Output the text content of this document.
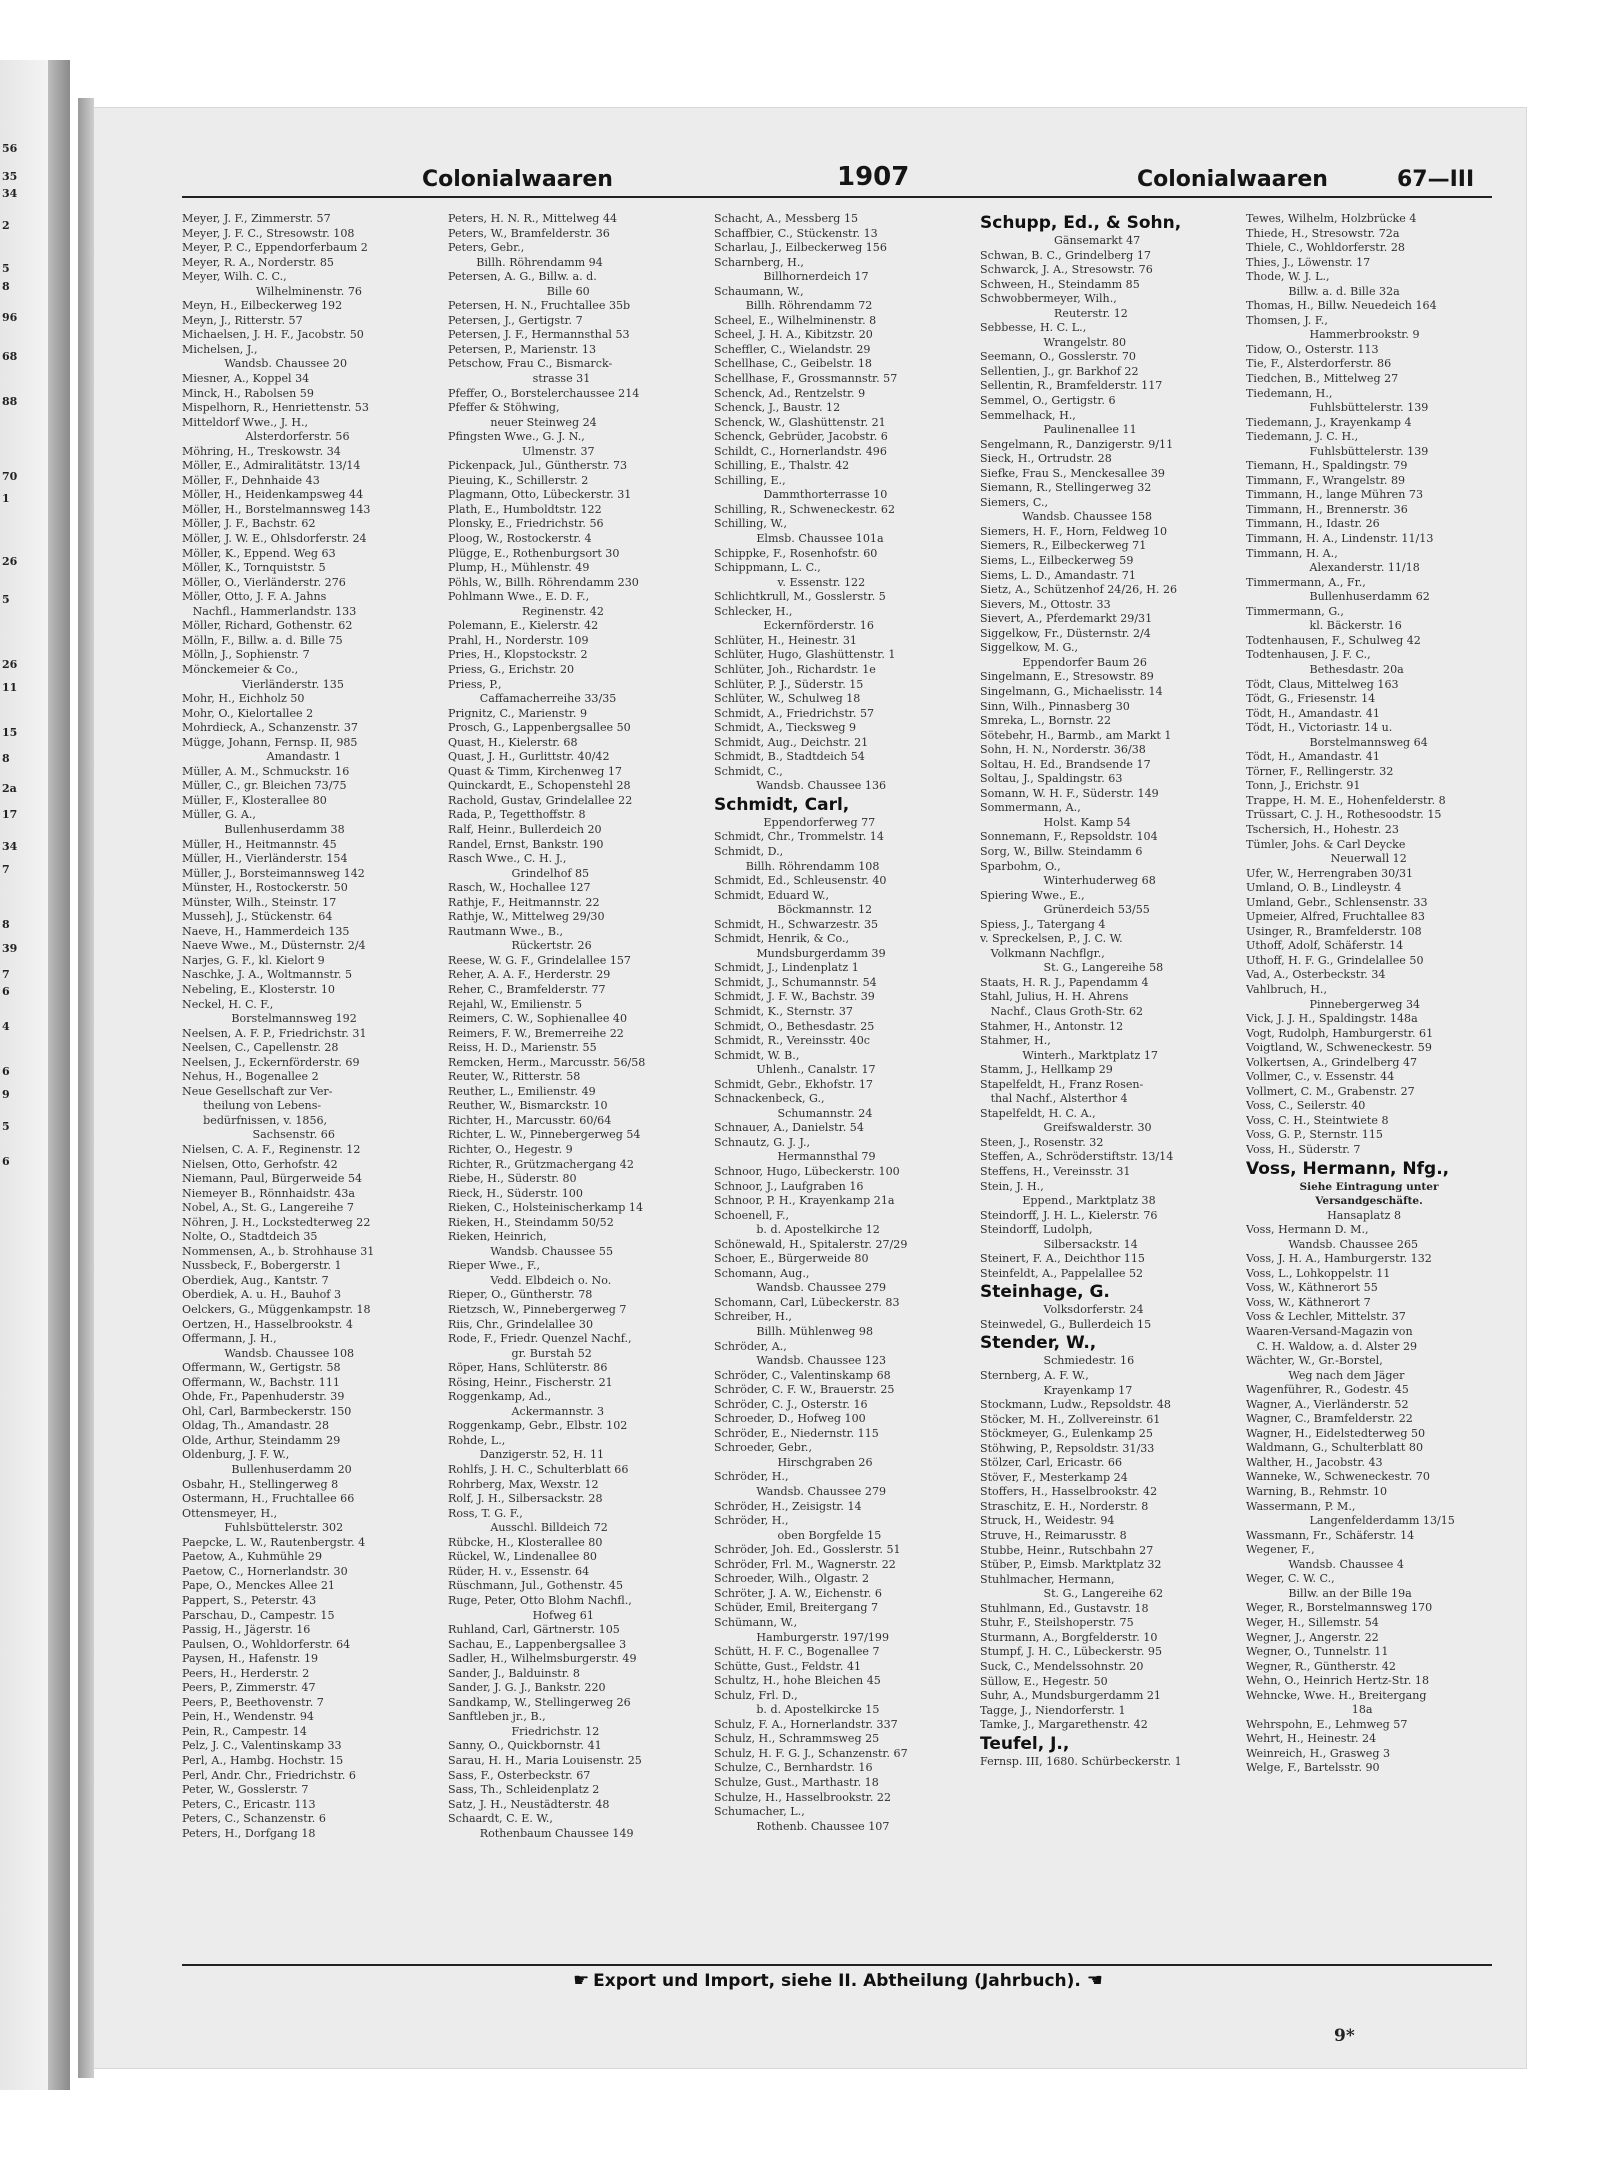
56
35
34
2
5
8
96
68
88
70
1
26
5
26
11
15
8
2a
17
34
7
8
39
7
6
4
6
9
5
6
Colonialwaaren	1907	Colonialwaaren	67—III
Meyer, J. F., Zimmerstr. 57
Meyer, J. F. C., Stresowstr. 108
Meyer, P. C., Eppendorferbaum 2
Meyer, R. A., Norderstr. 85
Meyer, Wilh. C. C.,
Wilhelminenstr. 76
Meyn, H., Eilbeckerweg 192
Meyn, J., Ritterstr. 57
Michaelsen, J. H. F., Jacobstr. 50
Michelsen, J.,
Wandsb. Chaussee 20
Miesner, A., Koppel 34
Minck, H., Rabolsen 59
Mispelhorn, R., Henriettenstr. 53
Mitteldorf Wwe., J. H.,
Alsterdorferstr. 56
Möhring, H., Treskowstr. 34
Möller, E., Admiralitätstr. 13/14
Möller, F., Dehnhaide 43
Möller, H., Heidenkampsweg 44
Möller, H., Borstelmannsweg 143
Möller, J. F., Bachstr. 62
Möller, J. W. E., Ohlsdorferstr. 24
Möller, K., Eppend. Weg 63
Möller, K., Tornquiststr. 5
Möller, O., Vierländerstr. 276
Möller, Otto, J. F. A. Jahns
Nachfl., Hammerlandstr. 133
Möller, Richard, Gothenstr. 62
Mölln, F., Billw. a. d. Bille 75
Mölln, J., Sophienstr. 7
Mönckemeier & Co.,
Vierländerstr. 135
Mohr, H., Eichholz 50
Mohr, O., Kielortallee 2
Mohrdieck, A., Schanzenstr. 37
Mügge, Johann, Fernsp. II, 985
Amandastr. 1
Müller, A. M., Schmuckstr. 16
Müller, C., gr. Bleichen 73/75
Müller, F., Klosterallee 80
Müller, G. A.,
Bullenhuserdamm 38
Müller, H., Heitmannstr. 45
Müller, H., Vierländerstr. 154
Müller, J., Borsteimannsweg 142
Münster, H., Rostockerstr. 50
Münster, Wilh., Steinstr. 17
Musseh], J., Stückenstr. 64
Naeve, H., Hammerdeich 135
Naeve Wwe., M., Düsternstr. 2/4
Narjes, G. F., kl. Kielort 9
Naschke, J. A., Woltmannstr. 5
Nebeling, E., Klosterstr. 10
Neckel, H. C. F.,
Borstelmannsweg 192
Neelsen, A. F. P., Friedrichstr. 31
Neelsen, C., Capellenstr. 28
Neelsen, J., Eckernförderstr. 69
Nehus, H., Bogenallee 2
Neue Gesellschaft zur Ver-
theilung von Lebens-
bedürfnissen, v. 1856,
Sachsenstr. 66
Nielsen, C. A. F., Reginenstr. 12
Nielsen, Otto, Gerhofstr. 42
Niemann, Paul, Bürgerweide 54
Niemeyer B., Rönnhaidstr. 43a
Nobel, A., St. G., Langereihe 7
Nöhren, J. H., Lockstedterweg 22
Nolte, O., Stadtdeich 35
Nommensen, A., b. Strohhause 31
Nussbeck, F., Bobergerstr. 1
Oberdiek, Aug., Kantstr. 7
Oberdiek, A. u. H., Bauhof 3
Oelckers, G., Müggenkampstr. 18
Oertzen, H., Hasselbrookstr. 4
Offermann, J. H.,
Wandsb. Chaussee 108
Offermann, W., Gertigstr. 58
Offermann, W., Bachstr. 111
Ohde, Fr., Papenhuderstr. 39
Ohl, Carl, Barmbeckerstr. 150
Oldag, Th., Amandastr. 28
Olde, Arthur, Steindamm 29
Oldenburg, J. F. W.,
Bullenhuserdamm 20
Osbahr, H., Stellingerweg 8
Ostermann, H., Fruchtallee 66
Ottensmeyer, H.,
Fuhlsbüttelerstr. 302
Paepcke, L. W., Rautenbergstr. 4
Paetow, A., Kuhmühle 29
Paetow, C., Hornerlandstr. 30
Pape, O., Menckes Allee 21
Pappert, S., Peterstr. 43
Parschau, D., Campestr. 15
Passig, H., Jägerstr. 16
Paulsen, O., Wohldorferstr. 64
Paysen, H., Hafenstr. 19
Peers, H., Herderstr. 2
Peers, P., Zimmerstr. 47
Peers, P., Beethovenstr. 7
Pein, H., Wendenstr. 94
Pein, R., Campestr. 14
Pelz, J. C., Valentinskamp 33
Perl, A., Hambg. Hochstr. 15
Perl, Andr. Chr., Friedrichstr. 6
Peter, W., Gosslerstr. 7
Peters, C., Ericastr. 113
Peters, C., Schanzenstr. 6
Peters, H., Dorfgang 18
Peters, H. N. R., Mittelweg 44
Peters, W., Bramfelderstr. 36
Peters, Gebr.,
Billh. Röhrendamm 94
Petersen, A. G., Billw. a. d.
Bille 60
Petersen, H. N., Fruchtallee 35b
Petersen, J., Gertigstr. 7
Petersen, J. F., Hermannsthal 53
Petersen, P., Marienstr. 13
Petschow, Frau C., Bismarck-
strasse 31
Pfeffer, O., Borstelerchaussee 214
Pfeffer & Stöhwing,
neuer Steinweg 24
Pfingsten Wwe., G. J. N.,
Ulmenstr. 37
Pickenpack, Jul., Güntherstr. 73
Pieuing, K., Schillerstr. 2
Plagmann, Otto, Lübeckerstr. 31
Plath, E., Humboldtstr. 122
Plonsky, E., Friedrichstr. 56
Ploog, W., Rostockerstr. 4
Plügge, E., Rothenburgsort 30
Plump, H., Mühlenstr. 49
Pöhls, W., Billh. Röhrendamm 230
Pohlmann Wwe., E. D. F.,
Reginenstr. 42
Polemann, E., Kielerstr. 42
Prahl, H., Norderstr. 109
Pries, H., Klopstockstr. 2
Priess, G., Erichstr. 20
Priess, P.,
Caffamacherreihe 33/35
Prignitz, C., Marienstr. 9
Prosch, G., Lappenbergsallee 50
Quast, H., Kielerstr. 68
Quast, J. H., Gurlittstr. 40/42
Quast & Timm, Kirchenweg 17
Quinckardt, E., Schopenstehl 28
Rachold, Gustav, Grindelallee 22
Rada, P., Tegetthoffstr. 8
Ralf, Heinr., Bullerdeich 20
Randel, Ernst, Bankstr. 190
Rasch Wwe., C. H. J.,
Grindelhof 85
Rasch, W., Hochallee 127
Rathje, F., Heitmannstr. 22
Rathje, W., Mittelweg 29/30
Rautmann Wwe., B.,
Rückertstr. 26
Reese, W. G. F., Grindelallee 157
Reher, A. A. F., Herderstr. 29
Reher, C., Bramfelderstr. 77
Rejahl, W., Emilienstr. 5
Reimers, C. W., Sophienallee 40
Reimers, F. W., Bremerreihe 22
Reiss, H. D., Marienstr. 55
Remcken, Herm., Marcusstr. 56/58
Reuter, W., Ritterstr. 58
Reuther, L., Emilienstr. 49
Reuther, W., Bismarckstr. 10
Richter, H., Marcusstr. 60/64
Richter, L. W., Pinnebergerweg 54
Richter, O., Hegestr. 9
Richter, R., Grützmachergang 42
Riebe, H., Süderstr. 80
Rieck, H., Süderstr. 100
Rieken, C., Holsteinischerkamp 14
Rieken, H., Steindamm 50/52
Rieken, Heinrich,
Wandsb. Chaussee 55
Rieper Wwe., F.,
Vedd. Elbdeich o. No.
Rieper, O., Güntherstr. 78
Rietzsch, W., Pinnebergerweg 7
Riis, Chr., Grindelallee 30
Rode, F., Friedr. Quenzel Nachf.,
gr. Burstah 52
Röper, Hans, Schlüterstr. 86
Rösing, Heinr., Fischerstr. 21
Roggenkamp, Ad.,
Ackermannstr. 3
Roggenkamp, Gebr., Elbstr. 102
Rohde, L.,
Danzigerstr. 52, H. 11
Rohlfs, J. H. C., Schulterblatt 66
Rohrberg, Max, Wexstr. 12
Rolf, J. H., Silbersackstr. 28
Ross, T. G. F.,
Ausschl. Billdeich 72
Rübcke, H., Klosterallee 80
Rückel, W., Lindenallee 80
Rüder, H. v., Essenstr. 64
Rüschmann, Jul., Gothenstr. 45
Ruge, Peter, Otto Blohm Nachfl.,
Hofweg 61
Ruhland, Carl, Gärtnerstr. 105
Sachau, E., Lappenbergsallee 3
Sadler, H., Wilhelmsburgerstr. 49
Sander, J., Balduinstr. 8
Sander, J. G. J., Bankstr. 220
Sandkamp, W., Stellingerweg 26
Sanftleben jr., B.,
Friedrichstr. 12
Sanny, O., Quickbornstr. 41
Sarau, H. H., Maria Louisenstr. 25
Sass, F., Osterbeckstr. 67
Sass, Th., Schleidenplatz 2
Satz, J. H., Neustädterstr. 48
Schaardt, C. E. W.,
Rothenbaum Chaussee 149
Schacht, A., Messberg 15
Schaffbier, C., Stückenstr. 13
Scharlau, J., Eilbeckerweg 156
Scharnberg, H.,
Billhornerdeich 17
Schaumann, W.,
Billh. Röhrendamm 72
Scheel, E., Wilhelminenstr. 8
Scheel, J. H. A., Kibitzstr. 20
Scheffler, C., Wielandstr. 29
Schellhase, C., Geibelstr. 18
Schellhase, F., Grossmannstr. 57
Schenck, Ad., Rentzelstr. 9
Schenck, J., Baustr. 12
Schenck, W., Glashüttenstr. 21
Schenck, Gebrüder, Jacobstr. 6
Schildt, C., Hornerlandstr. 496
Schilling, E., Thalstr. 42
Schilling, E.,
Dammthorterrasse 10
Schilling, R., Schweneckestr. 62
Schilling, W.,
Elmsb. Chaussee 101a
Schippke, F., Rosenhofstr. 60
Schippmann, L. C.,
v. Essenstr. 122
Schlichtkrull, M., Gosslerstr. 5
Schlecker, H.,
Eckernförderstr. 16
Schlüter, H., Heinestr. 31
Schlüter, Hugo, Glashüttenstr. 1
Schlüter, Joh., Richardstr. 1e
Schlüter, P. J., Süderstr. 15
Schlüter, W., Schulweg 18
Schmidt, A., Friedrichstr. 57
Schmidt, A., Tiecksweg 9
Schmidt, Aug., Deichstr. 21
Schmidt, B., Stadtdeich 54
Schmidt, C.,
Wandsb. Chaussee 136
Schmidt, Carl,
Eppendorferweg 77
Schmidt, Chr., Trommelstr. 14
Schmidt, D.,
Billh. Röhrendamm 108
Schmidt, Ed., Schleusenstr. 40
Schmidt, Eduard W.,
Böckmannstr. 12
Schmidt, H., Schwarzestr. 35
Schmidt, Henrik, & Co.,
Mundsburgerdamm 39
Schmidt, J., Lindenplatz 1
Schmidt, J., Schumannstr. 54
Schmidt, J. F. W., Bachstr. 39
Schmidt, K., Sternstr. 37
Schmidt, O., Bethesdastr. 25
Schmidt, R., Vereinsstr. 40c
Schmidt, W. B.,
Uhlenh., Canalstr. 17
Schmidt, Gebr., Ekhofstr. 17
Schnackenbeck, G.,
Schumannstr. 24
Schnauer, A., Danielstr. 54
Schnautz, G. J. J.,
Hermannsthal 79
Schnoor, Hugo, Lübeckerstr. 100
Schnoor, J., Laufgraben 16
Schnoor, P. H., Krayenkamp 21a
Schoenell, F.,
b. d. Apostelkirche 12
Schönewald, H., Spitalerstr. 27/29
Schoer, E., Bürgerweide 80
Schomann, Aug.,
Wandsb. Chaussee 279
Schomann, Carl, Lübeckerstr. 83
Schreiber, H.,
Billh. Mühlenweg 98
Schröder, A.,
Wandsb. Chaussee 123
Schröder, C., Valentinskamp 68
Schröder, C. F. W., Brauerstr. 25
Schröder, C. J., Osterstr. 16
Schroeder, D., Hofweg 100
Schröder, E., Niedernstr. 115
Schroeder, Gebr.,
Hirschgraben 26
Schröder, H.,
Wandsb. Chaussee 279
Schröder, H., Zeisigstr. 14
Schröder, H.,
oben Borgfelde 15
Schröder, Joh. Ed., Gosslerstr. 51
Schröder, Frl. M., Wagnerstr. 22
Schroeder, Wilh., Olgastr. 2
Schröter, J. A. W., Eichenstr. 6
Schüder, Emil, Breitergang 7
Schümann, W.,
Hamburgerstr. 197/199
Schütt, H. F. C., Bogenallee 7
Schütte, Gust., Feldstr. 41
Schultz, H., hohe Bleichen 45
Schulz, Frl. D.,
b. d. Apostelkircke 15
Schulz, F. A., Hornerlandstr. 337
Schulz, H., Schrammsweg 25
Schulz, H. F. G. J., Schanzenstr. 67
Schulze, C., Bernhardstr. 16
Schulze, Gust., Marthastr. 18
Schulze, H., Hasselbrookstr. 22
Schumacher, L.,
Rothenb. Chaussee 107
Schupp, Ed., & Sohn,
Gänsemarkt 47
Schwan, B. C., Grindelberg 17
Schwarck, J. A., Stresowstr. 76
Schween, H., Steindamm 85
Schwobbermeyer, Wilh.,
Reuterstr. 12
Sebbesse, H. C. L.,
Wrangelstr. 80
Seemann, O., Gosslerstr. 70
Sellentien, J., gr. Barkhof 22
Sellentin, R., Bramfelderstr. 117
Semmel, O., Gertigstr. 6
Semmelhack, H.,
Paulinenallee 11
Sengelmann, R., Danzigerstr. 9/11
Sieck, H., Ortrudstr. 28
Siefke, Frau S., Menckesallee 39
Siemann, R., Stellingerweg 32
Siemers, C.,
Wandsb. Chaussee 158
Siemers, H. F., Horn, Feldweg 10
Siemers, R., Eilbeckerweg 71
Siems, L., Eilbeckerweg 59
Siems, L. D., Amandastr. 71
Sietz, A., Schützenhof 24/26, H. 26
Sievers, M., Ottostr. 33
Sievert, A., Pferdemarkt 29/31
Siggelkow, Fr., Düsternstr. 2/4
Siggelkow, M. G.,
Eppendorfer Baum 26
Singelmann, E., Stresowstr. 89
Singelmann, G., Michaelisstr. 14
Sinn, Wilh., Pinnasberg 30
Smreka, L., Bornstr. 22
Sötebehr, H., Barmb., am Markt 1
Sohn, H. N., Norderstr. 36/38
Soltau, H. Ed., Brandsende 17
Soltau, J., Spaldingstr. 63
Somann, W. H. F., Süderstr. 149
Sommermann, A.,
Holst. Kamp 54
Sonnemann, F., Repsoldstr. 104
Sorg, W., Billw. Steindamm 6
Sparbohm, O.,
Winterhuderweg 68
Spiering Wwe., E.,
Grünerdeich 53/55
Spiess, J., Tatergang 4
v. Spreckelsen, P., J. C. W.
Volkmann Nachflgr.,
St. G., Langereihe 58
Staats, H. R. J., Papendamm 4
Stahl, Julius, H. H. Ahrens
Nachf., Claus Groth-Str. 62
Stahmer, H., Antonstr. 12
Stahmer, H.,
Winterh., Marktplatz 17
Stamm, J., Hellkamp 29
Stapelfeldt, H., Franz Rosen-
thal Nachf., Alsterthor 4
Stapelfeldt, H. C. A.,
Greifswalderstr. 30
Steen, J., Rosenstr. 32
Steffen, A., Schröderstiftstr. 13/14
Steffens, H., Vereinsstr. 31
Stein, J. H.,
Eppend., Marktplatz 38
Steindorff, J. H. L., Kielerstr. 76
Steindorff, Ludolph,
Silbersackstr. 14
Steinert, F. A., Deichthor 115
Steinfeldt, A., Pappelallee 52
Steinhage, G.
Volksdorferstr. 24
Steinwedel, G., Bullerdeich 15
Stender, W.,
Schmiedestr. 16
Sternberg, A. F. W.,
Krayenkamp 17
Stockmann, Ludw., Repsoldstr. 48
Stöcker, M. H., Zollvereinstr. 61
Stöckmeyer, G., Eulenkamp 25
Stöhwing, P., Repsoldstr. 31/33
Stölzer, Carl, Ericastr. 66
Stöver, F., Mesterkamp 24
Stoffers, H., Hasselbrookstr. 42
Straschitz, E. H., Norderstr. 8
Struck, H., Weidestr. 94
Struve, H., Reimarusstr. 8
Stubbe, Heinr., Rutschbahn 27
Stüber, P., Eimsb. Marktplatz 32
Stuhlmacher, Hermann,
St. G., Langereihe 62
Stuhlmann, Ed., Gustavstr. 18
Stuhr, F., Steilshoperstr. 75
Sturmann, A., Borgfelderstr. 10
Stumpf, J. H. C., Lübeckerstr. 95
Suck, C., Mendelssohnstr. 20
Süllow, E., Hegestr. 50
Suhr, A., Mundsburgerdamm 21
Tagge, J., Niendorferstr. 1
Tamke, J., Margarethenstr. 42
Teufel, J.,
Fernsp. III, 1680. Schürbeckerstr. 1
Tewes, Wilhelm, Holzbrücke 4
Thiede, H., Stresowstr. 72a
Thiele, C., Wohldorferstr. 28
Thies, J., Löwenstr. 17
Thode, W. J. L.,
Billw. a. d. Bille 32a
Thomas, H., Billw. Neuedeich 164
Thomsen, J. F.,
Hammerbrookstr. 9
Tidow, O., Osterstr. 113
Tie, F., Alsterdorferstr. 86
Tiedchen, B., Mittelweg 27
Tiedemann, H.,
Fuhlsbüttelerstr. 139
Tiedemann, J., Krayenkamp 4
Tiedemann, J. C. H.,
Fuhlsbüttelerstr. 139
Tiemann, H., Spaldingstr. 79
Timmann, F., Wrangelstr. 89
Timmann, H., lange Mühren 73
Timmann, H., Brennerstr. 36
Timmann, H., Idastr. 26
Timmann, H. A., Lindenstr. 11/13
Timmann, H. A.,
Alexanderstr. 11/18
Timmermann, A., Fr.,
Bullenhuserdamm 62
Timmermann, G.,
kl. Bäckerstr. 16
Todtenhausen, F., Schulweg 42
Todtenhausen, J. F. C.,
Bethesdastr. 20a
Tödt, Claus, Mittelweg 163
Tödt, G., Friesenstr. 14
Tödt, H., Amandastr. 41
Tödt, H., Victoriastr. 14 u.
Borstelmannsweg 64
Tödt, H., Amandastr. 41
Törner, F., Rellingerstr. 32
Tonn, J., Erichstr. 91
Trappe, H. M. E., Hohenfelderstr. 8
Trüssart, C. J. H., Rothesoodstr. 15
Tschersich, H., Hohestr. 23
Tümler, Johs. & Carl Deycke
Neuerwall 12
Ufer, W., Herrengraben 30/31
Umland, O. B., Lindleystr. 4
Umland, Gebr., Schlensenstr. 33
Upmeier, Alfred, Fruchtallee 83
Usinger, R., Bramfelderstr. 108
Uthoff, Adolf, Schäferstr. 14
Uthoff, H. F. G., Grindelallee 50
Vad, A., Osterbeckstr. 34
Vahlbruch, H.,
Pinnebergerweg 34
Vick, J. J. H., Spaldingstr. 148a
Vogt, Rudolph, Hamburgerstr. 61
Voigtland, W., Schweneckestr. 59
Volkertsen, A., Grindelberg 47
Vollmer, C., v. Essenstr. 44
Vollmert, C. M., Grabenstr. 27
Voss, C., Seilerstr. 40
Voss, C. H., Steintwiete 8
Voss, G. P., Sternstr. 115
Voss, H., Süderstr. 7
Voss, Hermann, Nfg.,
Siehe Eintragung unter
Versandgeschäfte.
Hansaplatz 8
Voss, Hermann D. M.,
Wandsb. Chaussee 265
Voss, J. H. A., Hamburgerstr. 132
Voss, L., Lohkoppelstr. 11
Voss, W., Käthnerort 55
Voss, W., Käthnerort 7
Voss & Lechler, Mittelstr. 37
Waaren-Versand-Magazin von
C. H. Waldow, a. d. Alster 29
Wächter, W., Gr.-Borstel,
Weg nach dem Jäger
Wagenführer, R., Godestr. 45
Wagner, A., Vierländerstr. 52
Wagner, C., Bramfelderstr. 22
Wagner, H., Eidelstedterweg 50
Waldmann, G., Schulterblatt 80
Walther, H., Jacobstr. 43
Wanneke, W., Schweneckestr. 70
Warning, B., Rehmstr. 10
Wassermann, P. M.,
Langenfelderdamm 13/15
Wassmann, Fr., Schäferstr. 14
Wegener, F.,
Wandsb. Chaussee 4
Weger, C. W. C.,
Billw. an der Bille 19a
Weger, R., Borstelmannsweg 170
Weger, H., Sillemstr. 54
Wegner, J., Angerstr. 22
Wegner, O., Tunnelstr. 11
Wegner, R., Güntherstr. 42
Wehn, O., Heinrich Hertz-Str. 18
Wehncke, Wwe. H., Breitergang
18a
Wehrspohn, E., Lehmweg 57
Wehrt, H., Heinestr. 24
Weinreich, H., Grasweg 3
Welge, F., Bartelsstr. 90
☛ Export und Import, siehe II. Abtheilung (Jahrbuch). ☚
9*
